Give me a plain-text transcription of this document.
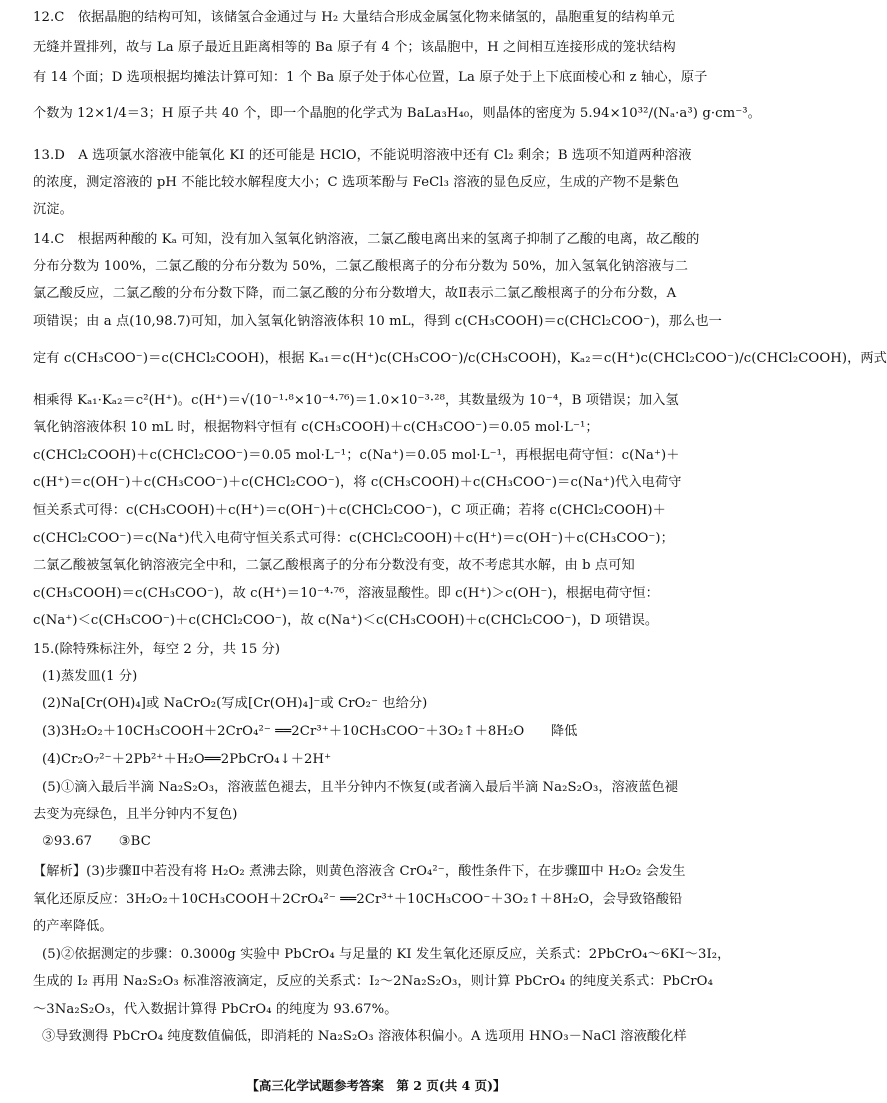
12.C　依据晶胞的结构可知，该储氢合金通过与 H₂ 大量结合形成金属氢化物来储氢的，晶胞重复的结构单元
无缝并置排列，故与 La 原子最近且距离相等的 Ba 原子有 4 个；该晶胞中，H 之间相互连接形成的笼状结构
有 14 个面；D 选项根据均摊法计算可知：1 个 Ba 原子处于体心位置，La 原子处于上下底面棱心和 z 轴心，原子
个数为 12×1/4＝3；H 原子共 40 个，即一个晶胞的化学式为 BaLa₃H₄₀，则晶体的密度为 5.94×10³²/(Nₐ·a³) g·cm⁻³。
13.D　A 选项氯水溶液中能氧化 KI 的还可能是 HClO，不能说明溶液中还有 Cl₂ 剩余；B 选项不知道两种溶液
的浓度，测定溶液的 pH 不能比较水解程度大小；C 选项苯酚与 FeCl₃ 溶液的显色反应，生成的产物不是紫色
沉淀。
14.C　根据两种酸的 Kₐ 可知，没有加入氢氧化钠溶液，二氯乙酸电离出来的氢离子抑制了乙酸的电离，故乙酸的
分布分数为 100%，二氯乙酸的分布分数为 50%，二氯乙酸根离子的分布分数为 50%，加入氢氧化钠溶液与二
氯乙酸反应，二氯乙酸的分布分数下降，而二氯乙酸的分布分数增大，故Ⅱ表示二氯乙酸根离子的分布分数，A
项错误；由 a 点(10,98.7)可知，加入氢氧化钠溶液体积 10 mL，得到 c(CH₃COOH)＝c(CHCl₂COO⁻)，那么也一
定有 c(CH₃COO⁻)＝c(CHCl₂COOH)，根据 Kₐ₁＝c(H⁺)c(CH₃COO⁻)/c(CH₃COOH)，Kₐ₂＝c(H⁺)c(CHCl₂COO⁻)/c(CHCl₂COOH)，两式
相乘得 Kₐ₁·Kₐ₂＝c²(H⁺)。c(H⁺)＝√(10⁻¹·⁸×10⁻⁴·⁷⁶)＝1.0×10⁻³·²⁸，其数量级为 10⁻⁴，B 项错误；加入氢
氧化钠溶液体积 10 mL 时，根据物料守恒有 c(CH₃COOH)＋c(CH₃COO⁻)＝0.05 mol·L⁻¹；
c(CHCl₂COOH)＋c(CHCl₂COO⁻)＝0.05 mol·L⁻¹；c(Na⁺)＝0.05 mol·L⁻¹，再根据电荷守恒：c(Na⁺)＋
c(H⁺)＝c(OH⁻)＋c(CH₃COO⁻)＋c(CHCl₂COO⁻)，将 c(CH₃COOH)＋c(CH₃COO⁻)＝c(Na⁺)代入电荷守
恒关系式可得：c(CH₃COOH)＋c(H⁺)＝c(OH⁻)＋c(CHCl₂COO⁻)，C 项正确；若将 c(CHCl₂COOH)＋
c(CHCl₂COO⁻)＝c(Na⁺)代入电荷守恒关系式可得：c(CHCl₂COOH)＋c(H⁺)＝c(OH⁻)＋c(CH₃COO⁻)；
二氯乙酸被氢氧化钠溶液完全中和，二氯乙酸根离子的分布分数没有变，故不考虑其水解，由 b 点可知
c(CH₃COOH)＝c(CH₃COO⁻)，故 c(H⁺)＝10⁻⁴·⁷⁶，溶液显酸性。即 c(H⁺)＞c(OH⁻)，根据电荷守恒：
c(Na⁺)＜c(CH₃COO⁻)＋c(CHCl₂COO⁻)，故 c(Na⁺)＜c(CH₃COOH)＋c(CHCl₂COO⁻)，D 项错误。
15.(除特殊标注外，每空 2 分，共 15 分)
(1)蒸发皿(1 分)
(2)Na[Cr(OH)₄]或 NaCrO₂(写成[Cr(OH)₄]⁻或 CrO₂⁻ 也给分)
(3)3H₂O₂＋10CH₃COOH＋2CrO₄²⁻ ══2Cr³⁺＋10CH₃COO⁻＋3O₂↑＋8H₂O　　降低
(4)Cr₂O₇²⁻＋2Pb²⁺＋H₂O══2PbCrO₄↓＋2H⁺
(5)①滴入最后半滴 Na₂S₂O₃，溶液蓝色褪去，且半分钟内不恢复(或者滴入最后半滴 Na₂S₂O₃，溶液蓝色褪
去变为亮绿色，且半分钟内不复色)
②93.67　　③BC
【解析】(3)步骤Ⅱ中若没有将 H₂O₂ 煮沸去除，则黄色溶液含 CrO₄²⁻，酸性条件下，在步骤Ⅲ中 H₂O₂ 会发生
氧化还原反应：3H₂O₂＋10CH₃COOH＋2CrO₄²⁻ ══2Cr³⁺＋10CH₃COO⁻＋3O₂↑＋8H₂O，会导致铬酸铅
的产率降低。
(5)②依据测定的步骤：0.3000g 实验中 PbCrO₄ 与足量的 KI 发生氧化还原反应，关系式：2PbCrO₄～6KI～3I₂，
生成的 I₂ 再用 Na₂S₂O₃ 标准溶液滴定，反应的关系式：I₂～2Na₂S₂O₃，则计算 PbCrO₄ 的纯度关系式：PbCrO₄
～3Na₂S₂O₃，代入数据计算得 PbCrO₄ 的纯度为 93.67%。
③导致测得 PbCrO₄ 纯度数值偏低，即消耗的 Na₂S₂O₃ 溶液体积偏小。A 选项用 HNO₃－NaCl 溶液酸化样
【高三化学试题参考答案　第 2 页(共 4 页)】
